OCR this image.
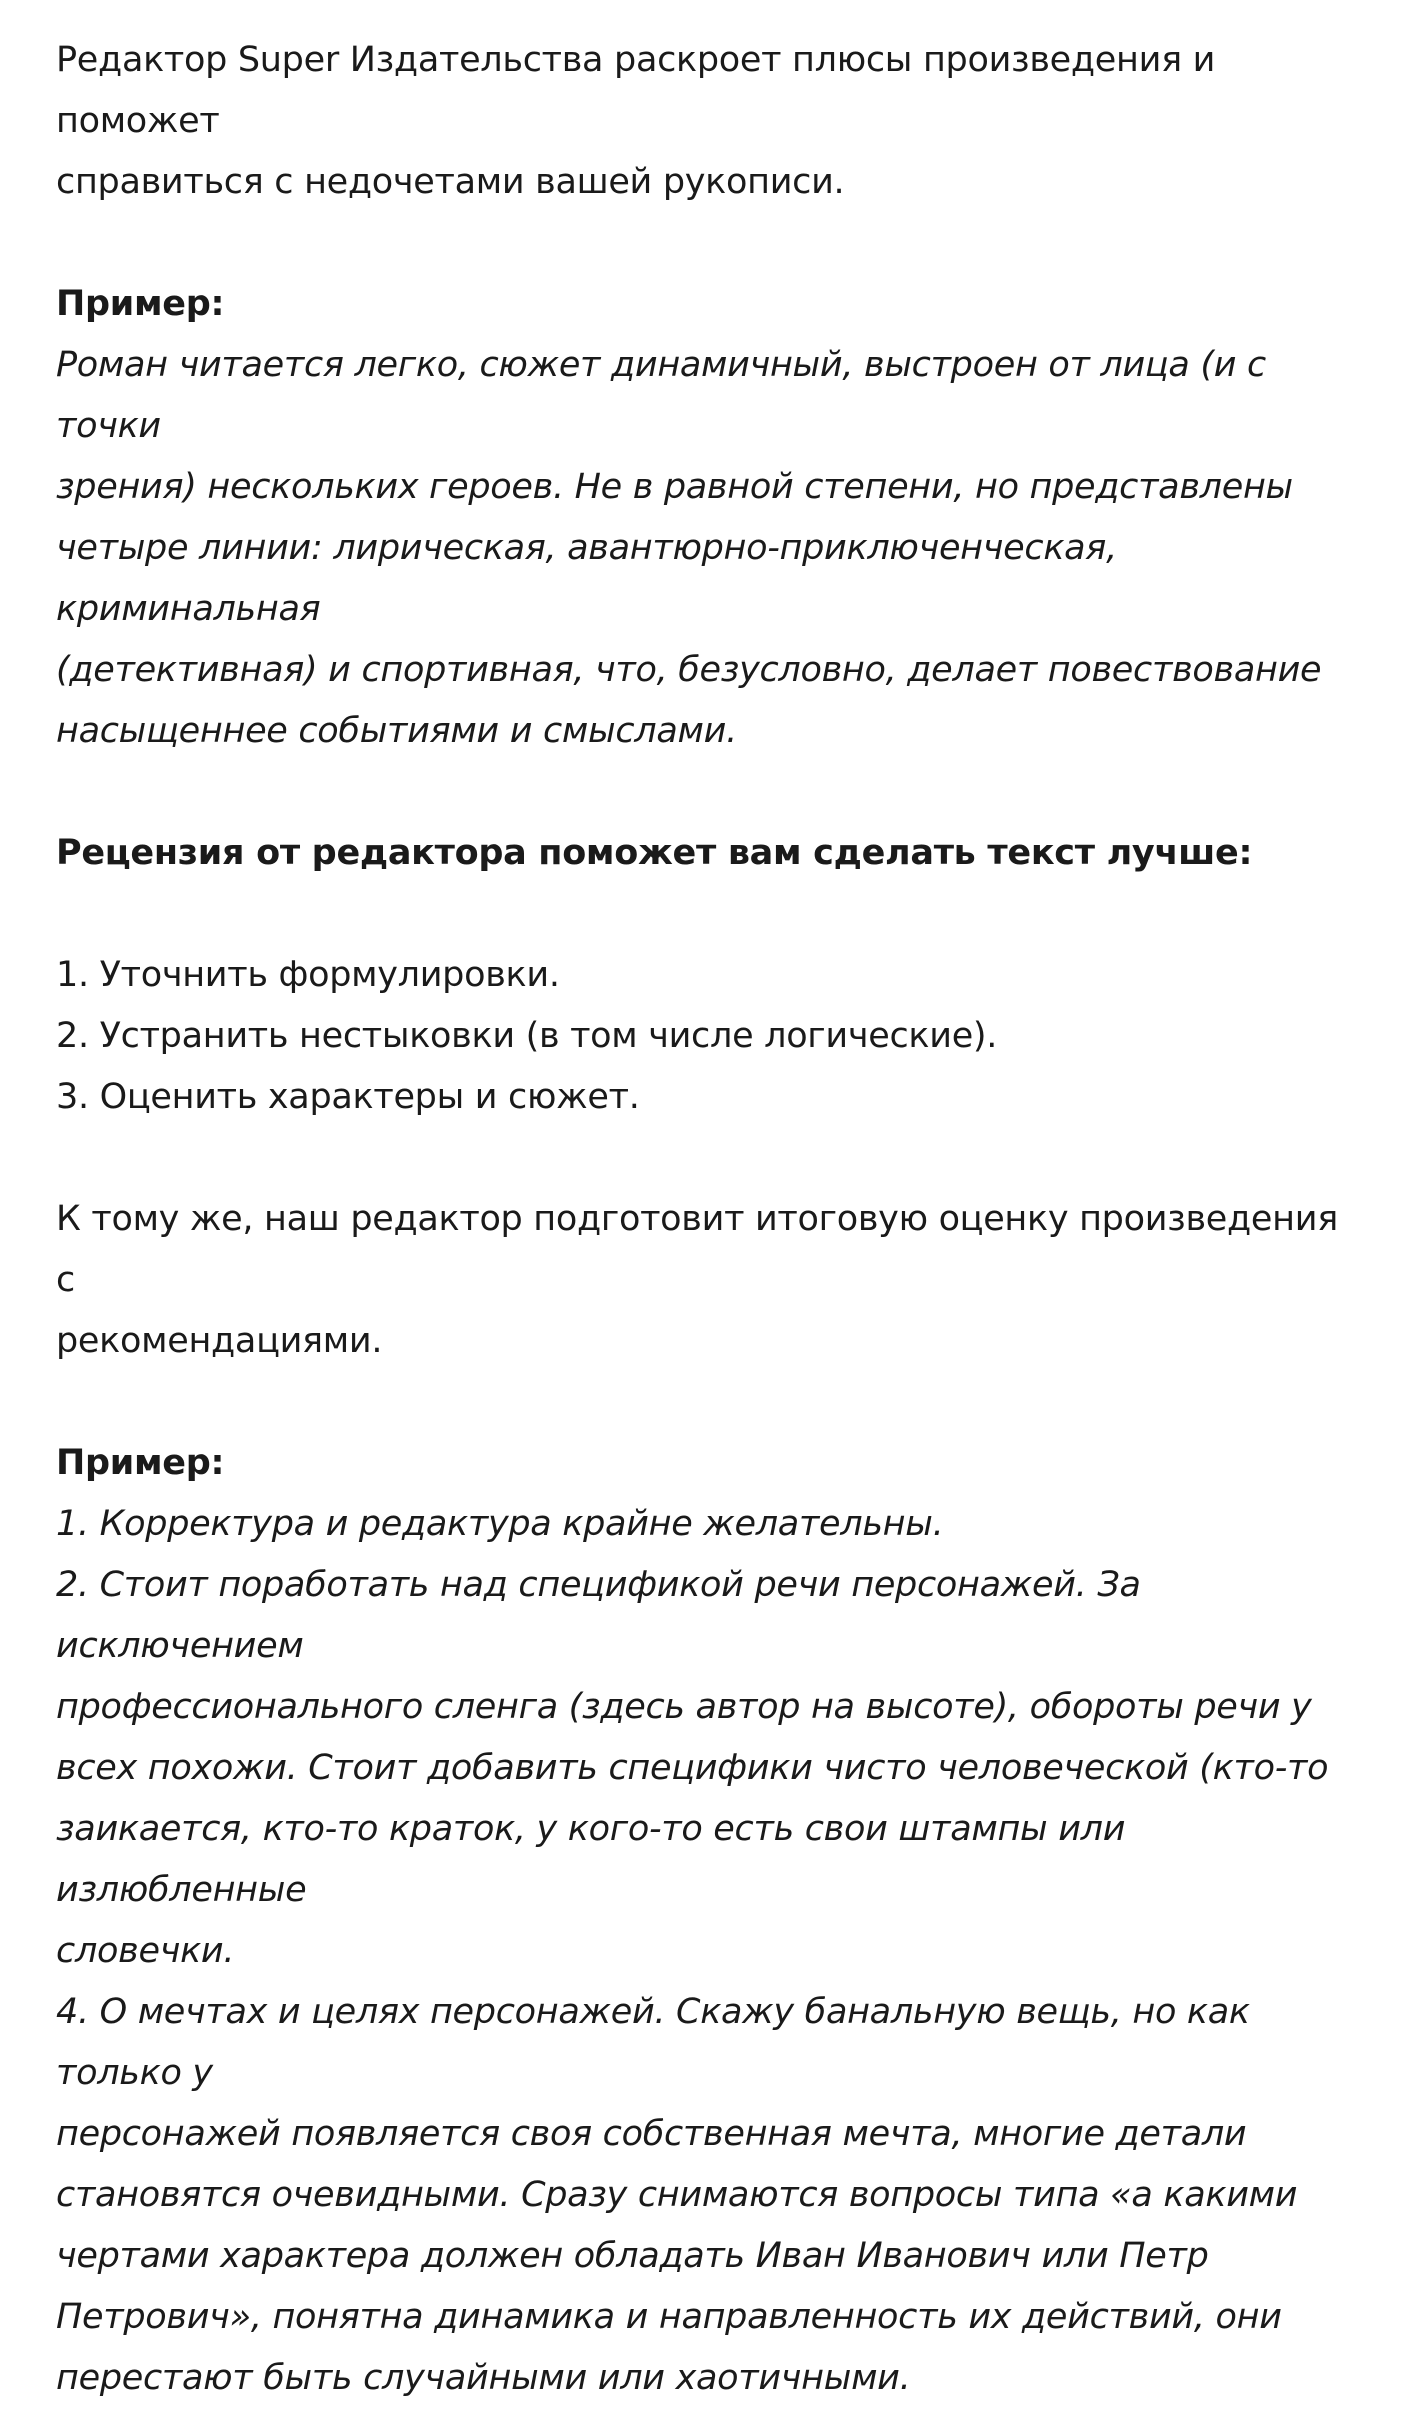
Редактор Super Издательства раскроет плюсы произведения и поможет

справиться с недочетами вашей рукописи.

Пример:

Роман читается легко, сюжет динамичный, выстроен от лица (и с точки

зрения) нескольких героев. Не в равной степени, но представлены

четыре линии: лирическая, авантюрно-приключенческая, криминальная

(детективная) и спортивная, что, безусловно, делает повествование

насыщеннее событиями и смыслами.

Рецензия от редактора поможет вам сделать текст лучше:

1. Уточнить формулировки.

2. Устранить нестыковки (в том числе логические).

3. Оценить характеры и сюжет.

К тому же, наш редактор подготовит итоговую оценку произведения с

рекомендациями.

Пример:

1. Корректура и редактура крайне желательны.

2. Стоит поработать над спецификой речи персонажей. За исключением

профессионального сленга (здесь автор на высоте), обороты речи у

всех похожи. Стоит добавить специфики чисто человеческой (кто-то

заикается, кто-то краток, у кого-то есть свои штампы или излюбленные

словечки.

4. О мечтах и целях персонажей. Скажу банальную вещь, но как только у

персонажей появляется своя собственная мечта, многие детали

становятся очевидными. Сразу снимаются вопросы типа «а какими

чертами характера должен обладать Иван Иванович или Петр

Петрович», понятна динамика и направленность их действий, они

перестают быть случайными или хаотичными.
